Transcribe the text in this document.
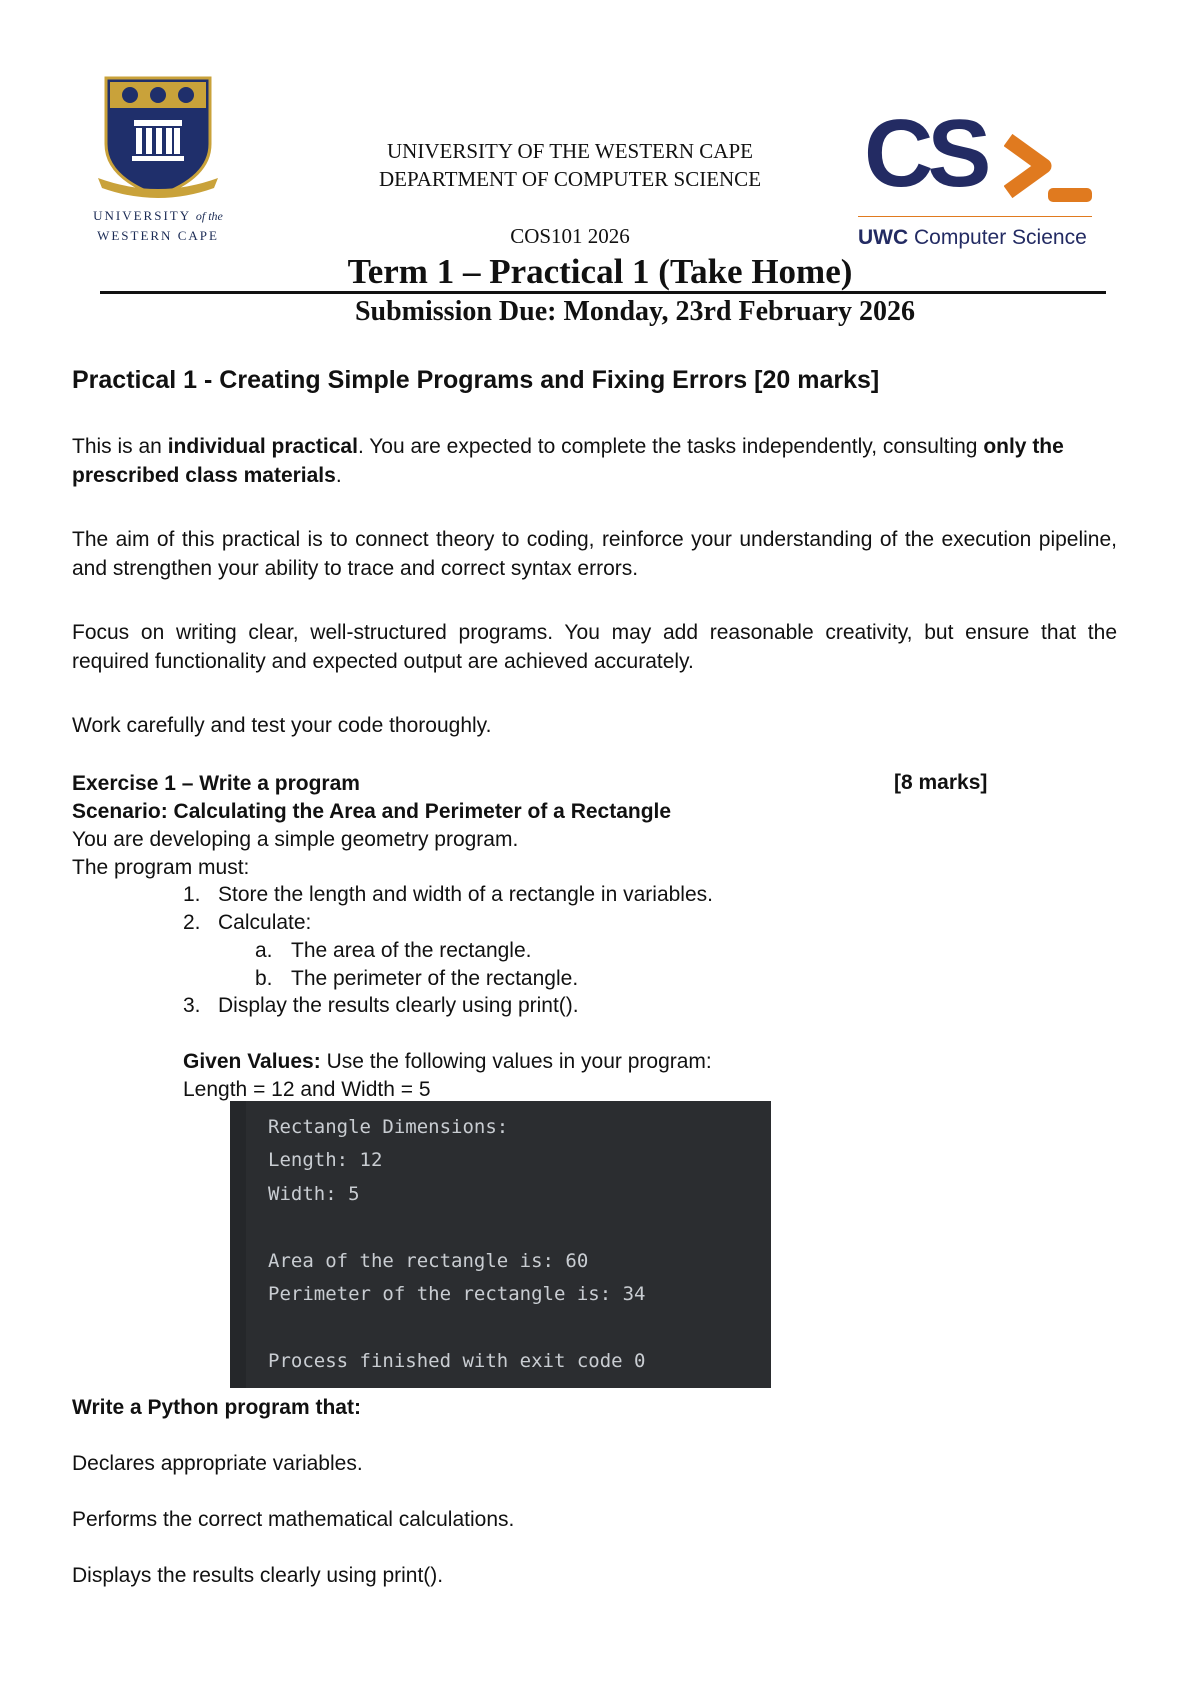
UNIVERSITY of the
WESTERN CAPE
UNIVERSITY OF THE WESTERN CAPE
DEPARTMENT OF COMPUTER SCIENCE
COS101 2026
CS
UWC Computer Science
Term 1 – Practical 1 (Take Home)
Submission Due: Monday, 23rd February 2026
Practical 1 - Creating Simple Programs and Fixing Errors [20 marks]
This is an individual practical. You are expected to complete the tasks independently, consulting only the prescribed class materials.
The aim of this practical is to connect theory to coding, reinforce your understanding of the execution pipeline, and strengthen your ability to trace and correct syntax errors.
Focus on writing clear, well-structured programs. You may add reasonable creativity, but ensure that the required functionality and expected output are achieved accurately.
Work carefully and test your code thoroughly.
Exercise 1 – Write a program	[8 marks]
Scenario: Calculating the Area and Perimeter of a Rectangle
You are developing a simple geometry program.
The program must:
1. Store the length and width of a rectangle in variables.
2. Calculate:
a. The area of the rectangle.
b. The perimeter of the rectangle.
3. Display the results clearly using print().
Given Values: Use the following values in your program:
Length = 12 and Width = 5
Rectangle Dimensions:
Length: 12
Width: 5
Area of the rectangle is: 60
Perimeter of the rectangle is: 34
Process finished with exit code 0
Write a Python program that:
Declares appropriate variables.
Performs the correct mathematical calculations.
Displays the results clearly using print().
